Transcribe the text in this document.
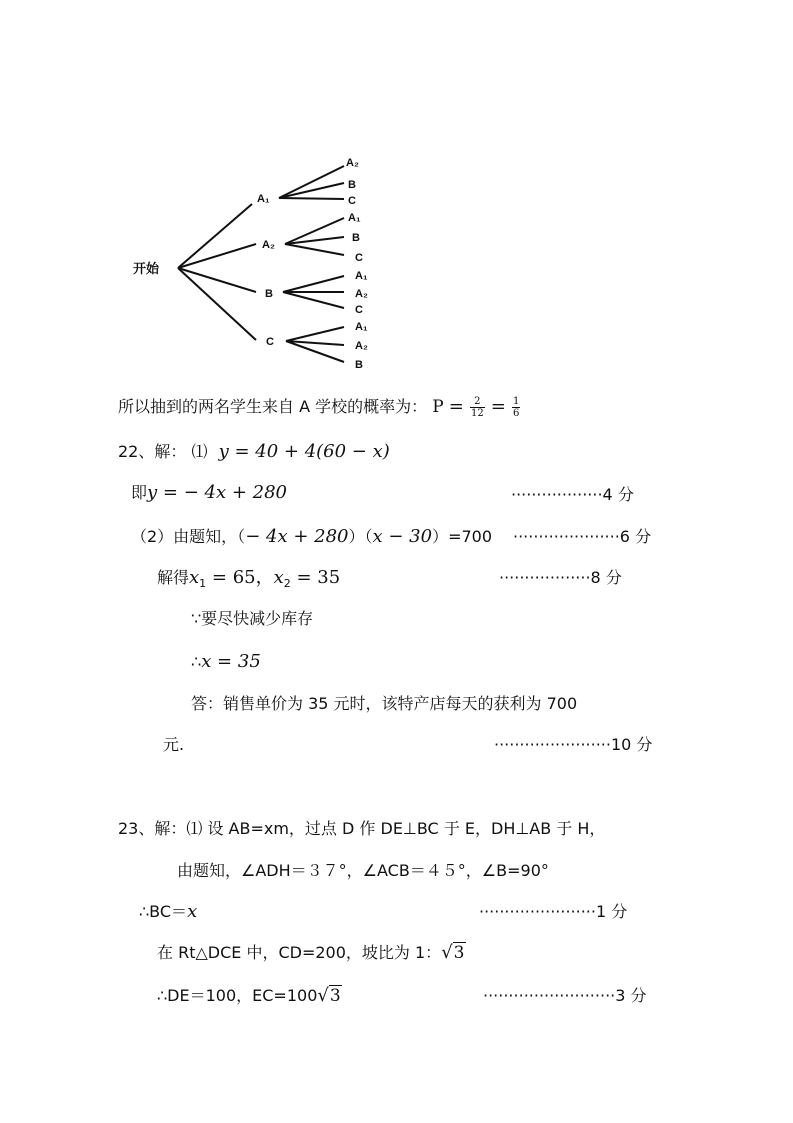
开始
A₁
A₂
B
C
A₂
B
C
A₁
B
C
A₁
A₂
C
A₁
A₂
B
所以抽到的两名学生来自 A 学校的概率为： $P = \frac{2}{12} = \frac{1}{6}$
22、解： ⑴ y = 40 + 4(60 − x)
即y = − 4x + 280	··················4 分
（2）由题知，（− 4x + 280）（x − 30）=700 ·····················6 分
解得$x_1 = 65$，$x_2 = 35$	··················8 分
∵要尽快减少库存
∴x = 35
答：销售单价为 35 元时，该特产店每天的获利为 700
元.	·······················10 分
23、解：⑴ 设 AB=xm，过点 D 作 DE⊥BC 于 E，DH⊥AB 于 H，
由题知，∠ADH＝３７°，∠ACB＝４５°，∠B=90°
∴BC＝x	·······················1 分
在 Rt△DCE 中，CD=200，坡比为 1：√3
∴DE＝100，EC=100√3	··························3 分
